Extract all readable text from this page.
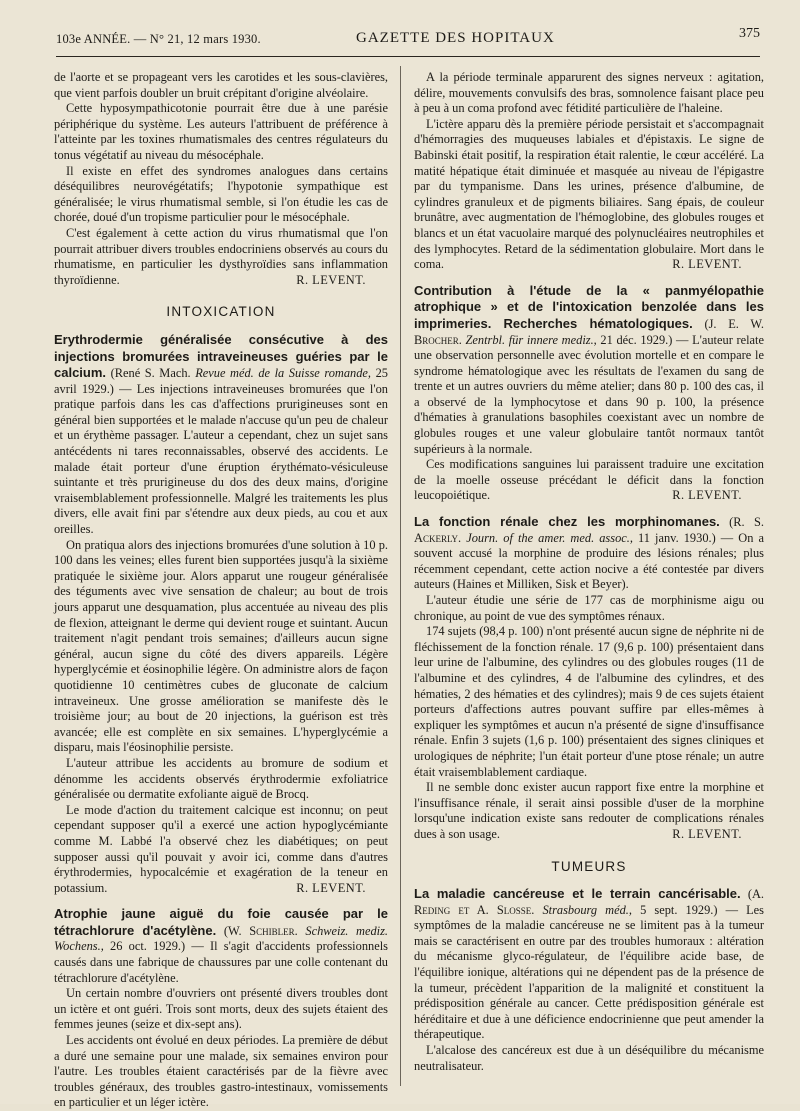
103e ANNÉE. — N° 21, 12 mars 1930.	GAZETTE DES HOPITAUX	375

de l'aorte et se propageant vers les carotides et les sous-clavières, que vient parfois doubler un bruit crépitant d'origine alvéolaire.

Cette hyposympathicotonie pourrait être due à une parésie périphérique du système. Les auteurs l'attribuent de préférence à l'atteinte par les toxines rhumatismales des centres régulateurs du tonus végétatif au niveau du mésocéphale.

Il existe en effet des syndromes analogues dans certains déséquilibres neurovégétatifs; l'hypotonie sympathique est généralisée; le virus rhumatismal semble, si l'on étudie les cas de chorée, doué d'un tropisme particulier pour le mésocéphale.

C'est également à cette action du virus rhumatismal que l'on pourrait attribuer divers troubles endocriniens observés au cours du rhumatisme, en particulier les dysthyroïdies sans inflammation thyroïdienne.	R. LEVENT.

INTOXICATION

Erythrodermie généralisée consécutive à des injections bromurées intraveineuses guéries par le calcium. (René S. Mach. Revue méd. de la Suisse romande, 25 avril 1929.) — Les injections intraveineuses bromurées que l'on pratique parfois dans les cas d'affections prurigineuses sont en général bien supportées et le malade n'accuse qu'un peu de chaleur et un érythème passager. L'auteur a cependant, chez un sujet sans antécédents ni tares reconnaissables, observé des accidents. Le malade était porteur d'une éruption érythémato-vésiculeuse suintante et très prurigineuse du dos des deux mains, d'origine vraisemblablement professionnelle. Malgré les traitements les plus divers, elle avait fini par s'étendre aux deux pieds, au cou et aux oreilles.

On pratiqua alors des injections bromurées d'une solution à 10 p. 100 dans les veines; elles furent bien supportées jusqu'à la sixième pratiquée le sixième jour. Alors apparut une rougeur généralisée des téguments avec vive sensation de chaleur; au bout de trois jours apparut une desquamation, plus accentuée au niveau des plis de flexion, atteignant le derme qui devient rouge et suintant. Aucun traitement n'agit pendant trois semaines; d'ailleurs aucun signe général, aucun signe du côté des divers appareils. Légère hyperglycémie et éosinophilie légère. On administre alors de façon quotidienne 10 centimètres cubes de gluconate de calcium intraveineux. Une grosse amélioration se manifeste dès le troisième jour; au bout de 20 injections, la guérison est très avancée; elle est complète en six semaines. L'hyperglycémie a disparu, mais l'éosinophilie persiste.

L'auteur attribue les accidents au bromure de sodium et dénomme les accidents observés érythrodermie exfoliatrice généralisée ou dermatite exfoliante aiguë de Brocq.

Le mode d'action du traitement calcique est inconnu; on peut cependant supposer qu'il a exercé une action hypoglycémiante comme M. Labbé l'a observé chez les diabétiques; on peut supposer aussi qu'il pouvait y avoir ici, comme dans d'autres érythrodermies, hypocalcémie et exagération de la teneur en potassium.	R. LEVENT.

Atrophie jaune aiguë du foie causée par le tétrachlorure d'acétylène. (W. Schibler. Schweiz. mediz. Wochens., 26 oct. 1929.) — Il s'agit d'accidents professionnels causés dans une fabrique de chaussures par une colle contenant du tétrachlorure d'acétylène.

Un certain nombre d'ouvriers ont présenté divers troubles dont un ictère et ont guéri. Trois sont morts, deux des sujets étaient des femmes jeunes (seize et dix-sept ans).

Les accidents ont évolué en deux périodes. La première de début a duré une semaine pour une malade, six semaines environ pour l'autre. Les troubles étaient caractérisés par de la fièvre avec troubles généraux, des troubles gastro-intestinaux, vomissements en particulier et un léger ictère.

A la période terminale apparurent des signes nerveux : agitation, délire, mouvements convulsifs des bras, somnolence faisant place peu à peu à un coma profond avec fétidité particulière de l'haleine.

L'ictère apparu dès la première période persistait et s'accompagnait d'hémorragies des muqueuses labiales et d'épistaxis. Le signe de Babinski était positif, la respiration était ralentie, le cœur accéléré. La matité hépatique était diminuée et masquée au niveau de l'épigastre par du tympanisme. Dans les urines, présence d'albumine, de cylindres granuleux et de pigments biliaires. Sang épais, de couleur brunâtre, avec augmentation de l'hémoglobine, des globules rouges et blancs et un état vacuolaire marqué des polynucléaires neutrophiles et des lymphocytes. Retard de la sédimentation globulaire. Mort dans le coma.	R. LEVENT.

Contribution à l'étude de la « panmyélopathie atrophique » et de l'intoxication benzolée dans les imprimeries. Recherches hématologiques. (J. E. W. Brocher. Zentrbl. für innere mediz., 21 déc. 1929.) — L'auteur relate une observation personnelle avec évolution mortelle et en compare le syndrome hématologique avec les résultats de l'examen du sang de trente et un autres ouvriers du même atelier; dans 80 p. 100 des cas, il a observé de la lymphocytose et dans 90 p. 100, la présence d'hématies à granulations basophiles coexistant avec un nombre de globules rouges et une valeur globulaire tantôt normaux tantôt supérieurs à la normale.

Ces modifications sanguines lui paraissent traduire une excitation de la moelle osseuse précédant le déficit dans la fonction leucopoiétique.	R. LEVENT.

La fonction rénale chez les morphinomanes. (R. S. Ackerly. Journ. of the amer. med. assoc., 11 janv. 1930.) — On a souvent accusé la morphine de produire des lésions rénales; plus récemment cependant, cette action nocive a été contestée par divers auteurs (Haines et Milliken, Sisk et Beyer).

L'auteur étudie une série de 177 cas de morphinisme aigu ou chronique, au point de vue des symptômes rénaux.

174 sujets (98,4 p. 100) n'ont présenté aucun signe de néphrite ni de fléchissement de la fonction rénale. 17 (9,6 p. 100) présentaient dans leur urine de l'albumine, des cylindres ou des globules rouges (11 de l'albumine et des cylindres, 4 de l'albumine des cylindres, et des hématies, 2 des hématies et des cylindres); mais 9 de ces sujets étaient porteurs d'affections autres pouvant suffire par elles-mêmes à expliquer les symptômes et aucun n'a présenté de signe d'insuffisance rénale. Enfin 3 sujets (1,6 p. 100) présentaient des signes cliniques et urologiques de néphrite; l'un était porteur d'une ptose rénale; un autre était vraisemblablement cardiaque.

Il ne semble donc exister aucun rapport fixe entre la morphine et l'insuffisance rénale, il serait ainsi possible d'user de la morphine lorsqu'une indication existe sans redouter de complications rénales dues à son usage.	R. LEVENT.

TUMEURS

La maladie cancéreuse et le terrain cancérisable. (A. Reding et A. Slosse. Strasbourg méd., 5 sept. 1929.) — Les symptômes de la maladie cancéreuse ne se limitent pas à la tumeur mais se caractérisent en outre par des troubles humoraux : altération du mécanisme glyco-régulateur, de l'équilibre acide base, de l'équilibre ionique, altérations qui ne dépendent pas de la présence de la tumeur, précèdent l'apparition de la malignité et constituent la prédisposition générale au cancer. Cette prédisposition générale est héréditaire et due à une déficience endocrinienne que peut amender la thérapeutique.

L'alcalose des cancéreux est due à un déséquilibre du mécanisme neutralisateur.
